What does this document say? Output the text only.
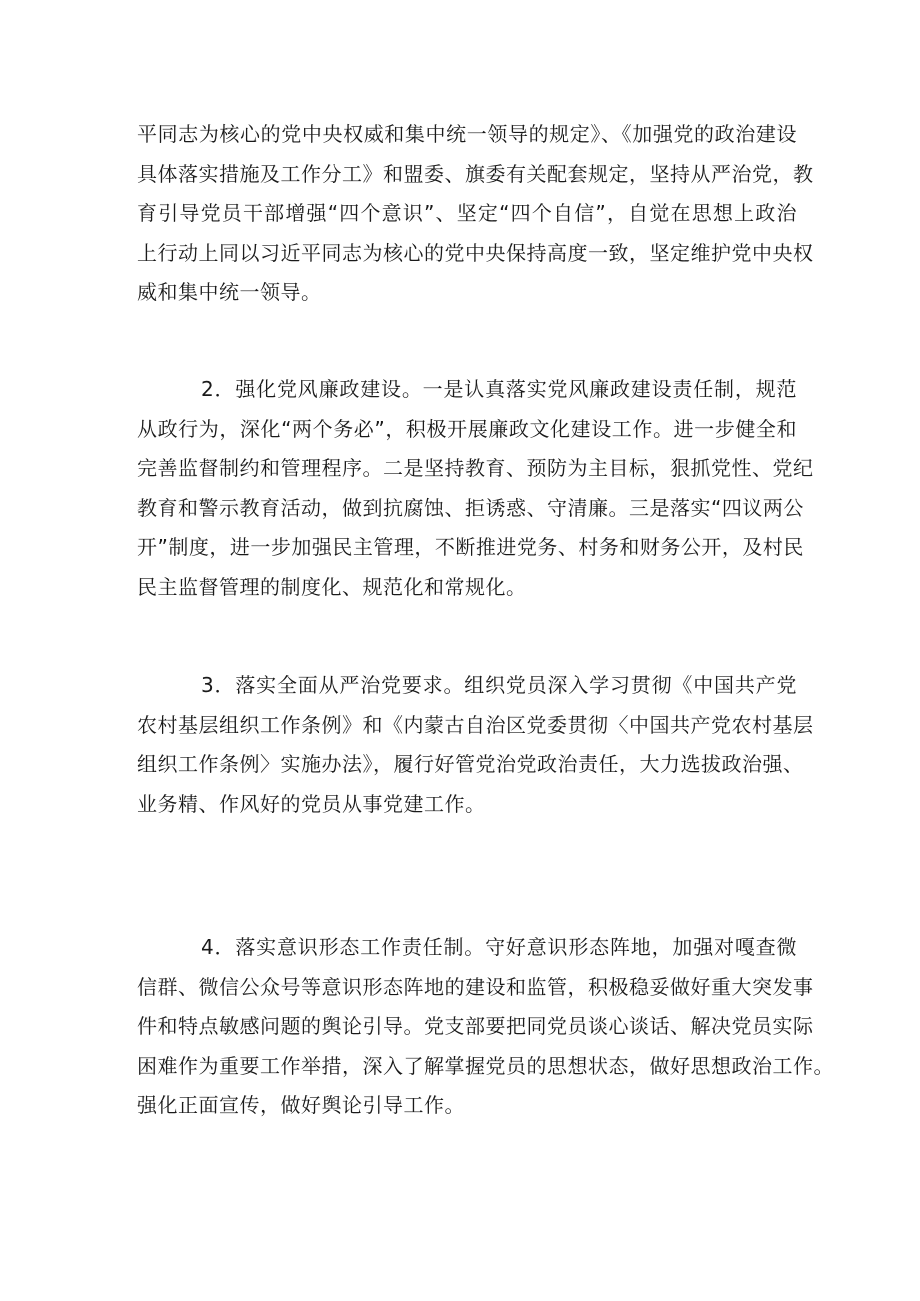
平同志为核心的党中央权威和集中统一领导的规定》、《加强党的政治建设
具体落实措施及工作分工》和盟委、旗委有关配套规定，坚持从严治党，教
育引导党员干部增强“四个意识”、坚定“四个自信”，自觉在思想上政治
上行动上同以习近平同志为核心的党中央保持高度一致，坚定维护党中央权
威和集中统一领导。
2．强化党风廉政建设。一是认真落实党风廉政建设责任制，规范
从政行为，深化“两个务必”，积极开展廉政文化建设工作。进一步健全和
完善监督制约和管理程序。二是坚持教育、预防为主目标，狠抓党性、党纪
教育和警示教育活动，做到抗腐蚀、拒诱惑、守清廉。三是落实“四议两公
开”制度，进一步加强民主管理，不断推进党务、村务和财务公开，及村民
民主监督管理的制度化、规范化和常规化。
3．落实全面从严治党要求。组织党员深入学习贯彻《中国共产党
农村基层组织工作条例》和《内蒙古自治区党委贯彻〈中国共产党农村基层
组织工作条例〉实施办法》，履行好管党治党政治责任，大力选拔政治强、
业务精、作风好的党员从事党建工作。
4．落实意识形态工作责任制。守好意识形态阵地，加强对嘎查微
信群、微信公众号等意识形态阵地的建设和监管，积极稳妥做好重大突发事
件和特点敏感问题的舆论引导。党支部要把同党员谈心谈话、解决党员实际
困难作为重要工作举措，深入了解掌握党员的思想状态，做好思想政治工作。
强化正面宣传，做好舆论引导工作。
